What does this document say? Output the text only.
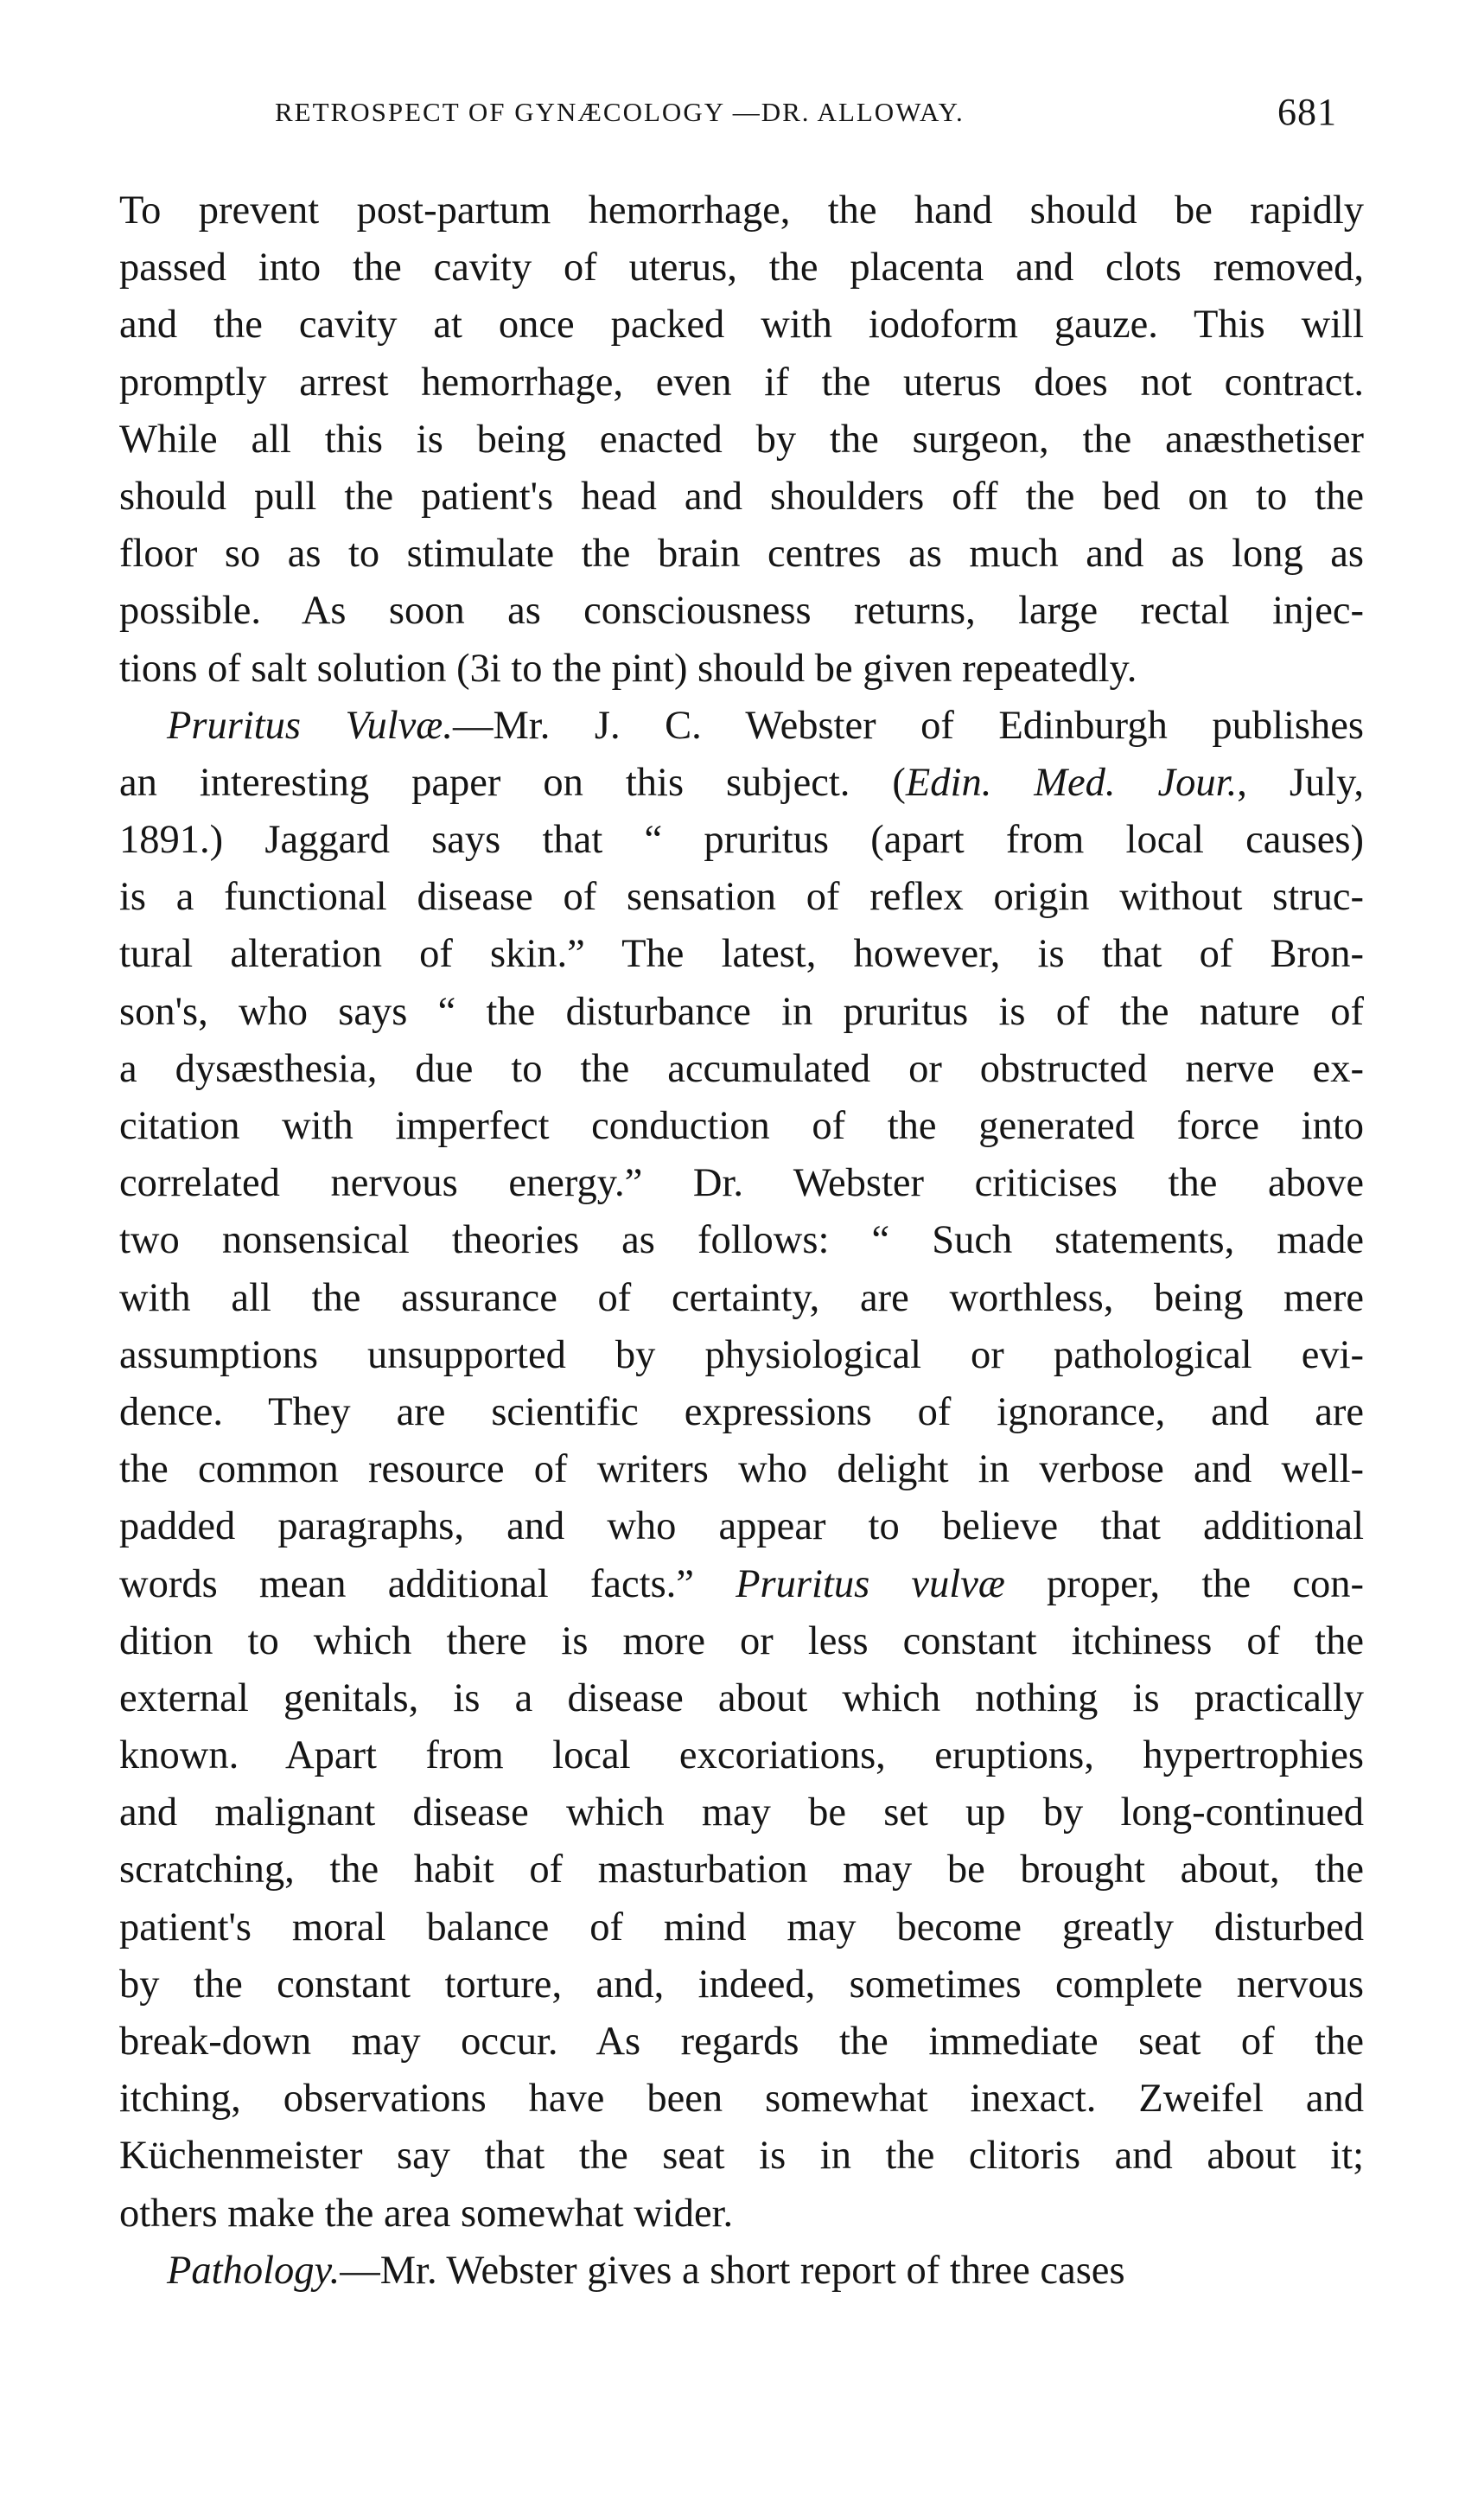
RETROSPECT OF GYNÆCOLOGY —DR. ALLOWAY.	681
To prevent post-partum hemorrhage, the hand should be rapidly
passed into the cavity of uterus, the placenta and clots removed,
and the cavity at once packed with iodoform gauze. This will
promptly arrest hemorrhage, even if the uterus does not contract.
While all this is being enacted by the surgeon, the anæsthetiser
should pull the patient's head and shoulders off the bed on to the
floor so as to stimulate the brain centres as much and as long as
possible. As soon as consciousness returns, large rectal injec-
tions of salt solution (3i to the pint) should be given repeatedly.
Pruritus Vulvæ.—Mr. J. C. Webster of Edinburgh publishes
an interesting paper on this subject. (Edin. Med. Jour., July,
1891.) Jaggard says that “ pruritus (apart from local causes)
is a functional disease of sensation of reflex origin without struc-
tural alteration of skin.” The latest, however, is that of Bron-
son's, who says “ the disturbance in pruritus is of the nature of
a dysæsthesia, due to the accumulated or obstructed nerve ex-
citation with imperfect conduction of the generated force into
correlated nervous energy.” Dr. Webster criticises the above
two nonsensical theories as follows: “ Such statements, made
with all the assurance of certainty, are worthless, being mere
assumptions unsupported by physiological or pathological evi-
dence. They are scientific expressions of ignorance, and are
the common resource of writers who delight in verbose and well-
padded paragraphs, and who appear to believe that additional
words mean additional facts.” Pruritus vulvæ proper, the con-
dition to which there is more or less constant itchiness of the
external genitals, is a disease about which nothing is practically
known. Apart from local excoriations, eruptions, hypertrophies
and malignant disease which may be set up by long-continued
scratching, the habit of masturbation may be brought about, the
patient's moral balance of mind may become greatly disturbed
by the constant torture, and, indeed, sometimes complete nervous
break-down may occur. As regards the immediate seat of the
itching, observations have been somewhat inexact. Zweifel and
Küchenmeister say that the seat is in the clitoris and about it;
others make the area somewhat wider.
Pathology.—Mr. Webster gives a short report of three cases
